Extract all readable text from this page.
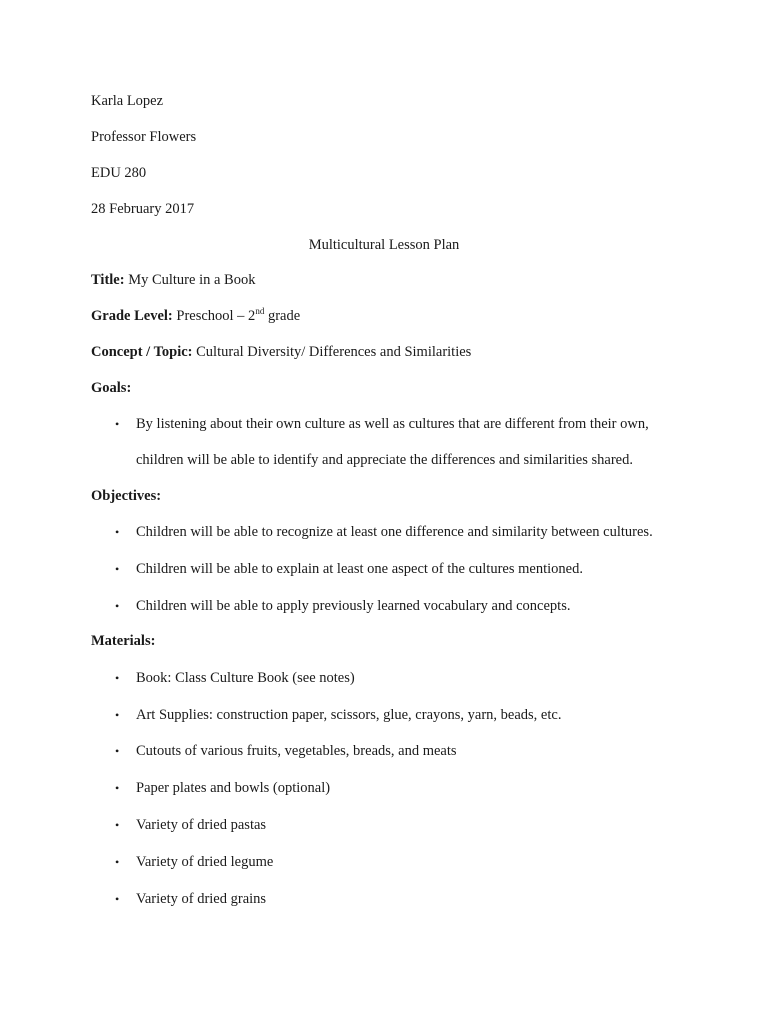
Karla Lopez
Professor Flowers
EDU 280
28 February 2017
Multicultural Lesson Plan
Title: My Culture in a Book
Grade Level: Preschool – 2nd grade
Concept / Topic: Cultural Diversity/ Differences and Similarities
Goals:
• By listening about their own culture as well as cultures that are different from their own,
children will be able to identify and appreciate the differences and similarities shared.
Objectives:
• Children will be able to recognize at least one difference and similarity between cultures.
• Children will be able to explain at least one aspect of the cultures mentioned.
• Children will be able to apply previously learned vocabulary and concepts.
Materials:
• Book: Class Culture Book (see notes)
• Art Supplies: construction paper, scissors, glue, crayons, yarn, beads, etc.
• Cutouts of various fruits, vegetables, breads, and meats
• Paper plates and bowls (optional)
• Variety of dried pastas
• Variety of dried legume
• Variety of dried grains
